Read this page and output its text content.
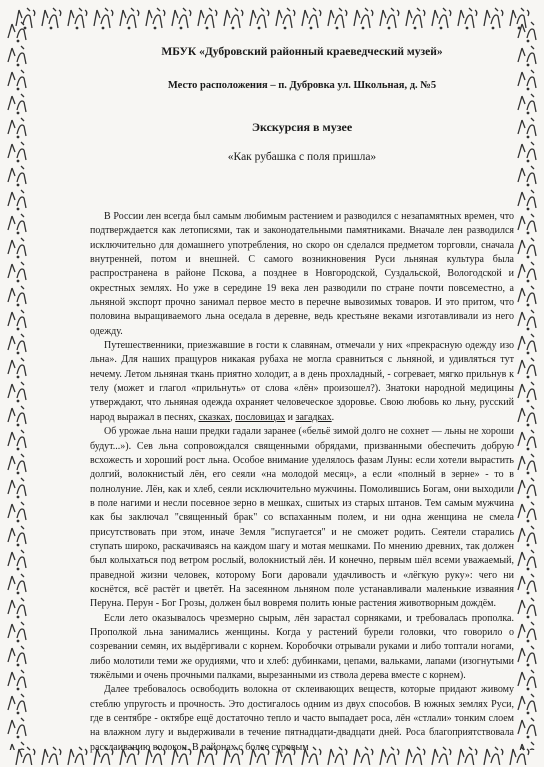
МБУК «Дубровский районный краеведческий музей»
Место расположения – п. Дубровка ул. Школьная, д. №5
Экскурсия в музее
«Как рубашка с поля пришла»

В России лен всегда был самым любимым растением и разводился с незапамятных времен, что подтверждается как летописями, так и законодательными памятниками. Вначале лен разводился исключительно для домашнего употребления, но скоро он сделался предметом торговли, сначала внутренней, потом и внешней. С самого возникновения Руси льняная культура была распространена в районе Пскова, а позднее в Новгородской, Суздальской, Вологодской и окрестных землях. Но уже в середине 19 века лен разводили по стране почти повсеместно, а льняной экспорт прочно занимал первое место в перечне вывозимых товаров. И это притом, что половина выращиваемого льна оседала в деревне, ведь крестьяне веками изготавливали из него одежду.

Путешественники, приезжавшие в гости к славянам, отмечали у них «прекрасную одежду изо льна». Для наших пращуров никакая рубаха не могла сравниться с льняной, и удивляться тут нечему. Летом льняная ткань приятно холодит, а в день прохладный, - согревает, мягко прильнув к телу (может и глагол «прильнуть» от слова «лён» произошел?). Знатоки народной медицины утверждают, что льняная одежда охраняет человеческое здоровье. Свою любовь ко льну, русский народ выражал в песнях, сказках, пословицах и загадках.

Об урожае льна наши предки гадали заранее («бельё зимой долго не сохнет — льны не хороши будут...»). Сев льна сопровождался священными обрядами, призванными обеспечить добрую всхожесть и хороший рост льна. Особое внимание уделялось фазам Луны: если хотели вырастить долгий, волокнистый лён, его сеяли «на молодой месяц», а если «полный в зерне» - то в полнолуние. Лён, как и хлеб, сеяли исключительно мужчины. Помолившись Богам, они выходили в поле нагими и несли посевное зерно в мешках, сшитых из старых штанов. Тем самым мужчина как бы заключал "священный брак" со вспаханным полем, и ни одна женщина не смела присутствовать при этом, иначе Земля "испугается" и не сможет родить. Сеятели старались ступать широко, раскачиваясь на каждом шагу и мотая мешками. По мнению древних, так должен был колыхаться под ветром рослый, волокнистый лён. И конечно, первым шёл всеми уважаемый, праведной жизни человек, которому Боги даровали удачливость и «лёгкую руку»: чего ни коснётся, всё растёт и цветёт. На засеянном льняном поле устанавливали маленькие изваяния Перуна. Перун - Бог Грозы, должен был вовремя полить юные растения животворным дождём.

Если лето оказывалось чрезмерно сырым, лён зарастал сорняками, и требовалась прополка. Прополкой льна занимались женщины. Когда у растений бурели головки, что говорило о созревании семян, их выдёргивали с корнем. Коробочки отрывали руками и либо топтали ногами, либо молотили теми же орудиями, что и хлеб: дубинками, цепами, вальками, лапами (изогнутыми тяжёлыми и очень прочными палками, вырезанными из ствола дерева вместе с корнем).

Далее требовалось освободить волокна от склеивающих веществ, которые придают живому стеблю упругость и прочность. Это достигалось одним из двух способов. В южных землях Руси, где в сентябре - октябре ещё достаточно тепло и часто выпадает роса, лён «стлали» тонким слоем на влажном лугу и выдерживали в течение пятнадцати-двадцати дней. Роса благоприятствовала расслаиванию волокон. В районах с более суровым
